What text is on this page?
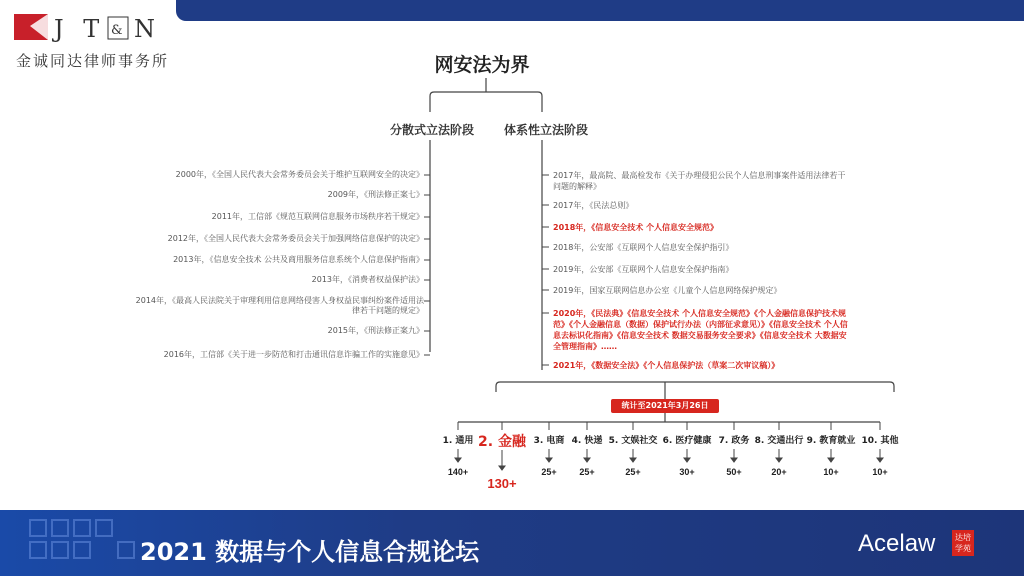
J T & N
金诚同达律师事务所	网安法为界
分散式立法阶段 体系性立法阶段
2000年，《全国人民代表大会常务委员会关于维护互联网安全的决定》
2009年，《刑法修正案七》
2011年，工信部《规范互联网信息服务市场秩序若干规定》
2012年，《全国人民代表大会常务委员会关于加强网络信息保护的决定》
2013年，《信息安全技术 公共及商用服务信息系统个人信息保护指南》
2013年，《消费者权益保护法》
2014年，《最高人民法院关于审理利用信息网络侵害人身权益民事纠纷案件适用法律若干问题的规定》
2015年，《刑法修正案九》
2016年，工信部《关于进一步防范和打击通讯信息诈骗工作的实施意见》
2017年，最高院、最高检发布《关于办理侵犯公民个人信息刑事案件适用法律若干问题的解释》
2017年，《民法总则》
2018年，《信息安全技术 个人信息安全规范》
2018年，公安部《互联网个人信息安全保护指引》
2019年，公安部《互联网个人信息安全保护指南》
2019年，国家互联网信息办公室《儿童个人信息网络保护规定》
2020年，《民法典》《信息安全技术 个人信息安全规范》《个人金融信息保护技术规范》《个人金融信息（数据）保护试行办法（内部征求意见）》《信息安全技术 个人信息去标识化指南》《信息安全技术 数据交易服务安全要求》《信息安全技术 大数据安全管理指南》……
2021年，《数据安全法》《个人信息保护法（草案二次审议稿）》
统计至2021年3月26日
1. 通用
140+
2. 金融
130+
3. 电商
25+
4. 快递
25+
5. 文娱社交
25+
6. 医疗健康
30+
7. 政务
50+
8. 交通出行
20+
9. 教育就业
10+
10. 其他
10+
2021 数据与个人信息合规论坛	Acelaw	达培学苑
